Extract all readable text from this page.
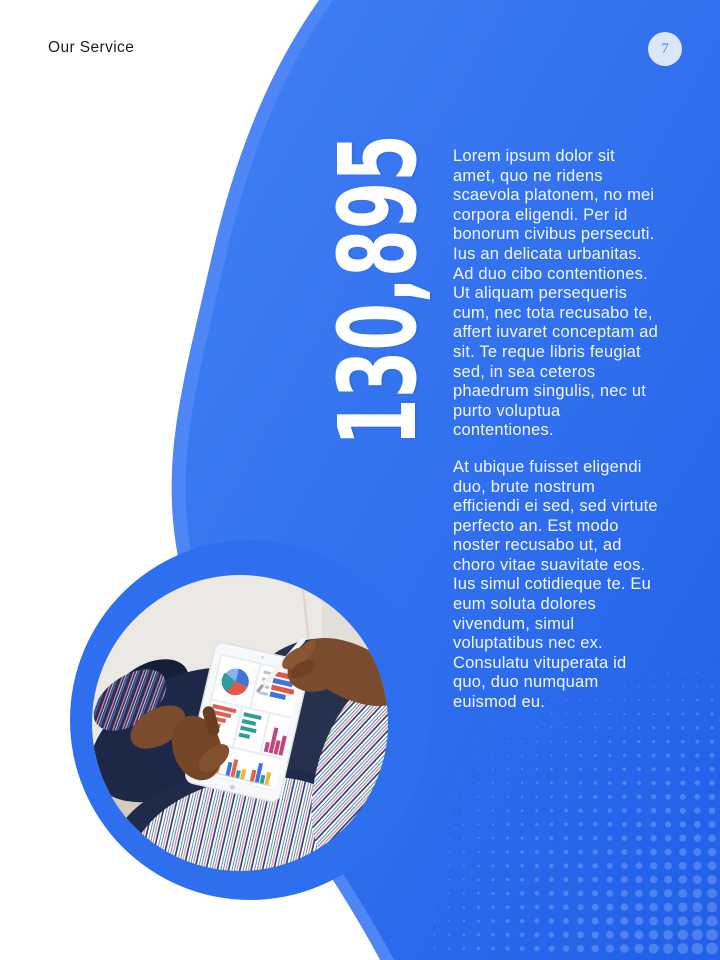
Our Service	7
130,895 Lorem ipsum dolor sit amet, quo ne ridens scaevola platonem, no mei corpora eligendi. Per id bonorum civibus persecuti. Ius an delicata urbanitas. Ad duo cibo contentiones. Ut aliquam persequeris cum, nec tota recusabo te, affert iuvaret conceptam ad sit. Te reque libris feugiat sed, in sea ceteros phaedrum singulis, nec ut purto voluptua contentiones.

At ubique fuisset eligendi duo, brute nostrum efficiendi ei sed, sed virtute perfecto an. Est modo noster recusabo ut, ad choro vitae suavitate eos. Ius simul cotidieque te. Eu eum soluta dolores vivendum, simul voluptatibus nec ex. Consulatu vituperata id quo, duo numquam euismod eu.
